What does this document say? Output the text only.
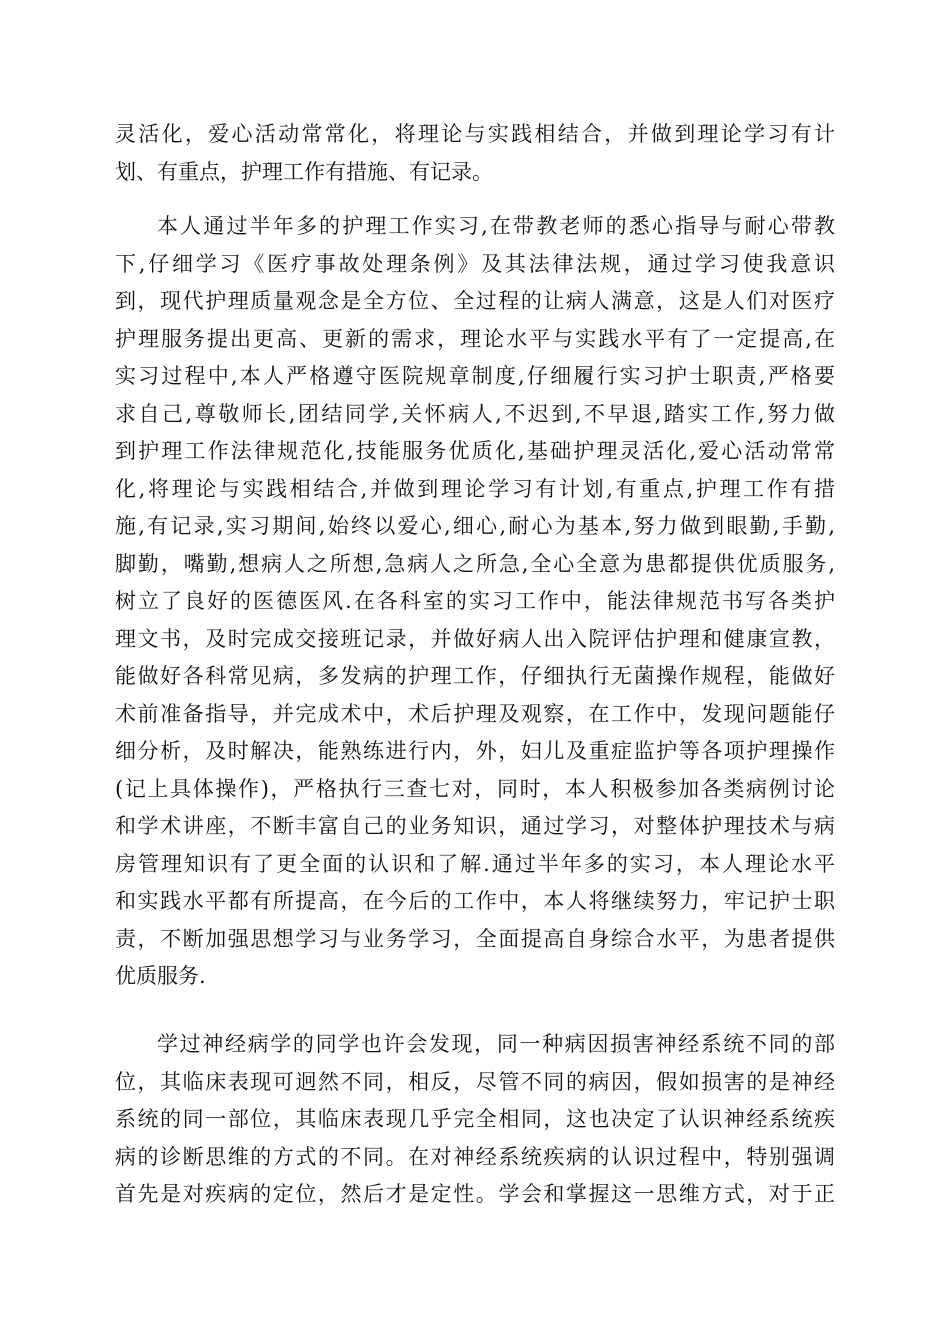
灵活化，爱心活动常常化，将理论与实践相结合，并做到理论学习有计
划、有重点，护理工作有措施、有记录。
本人通过半年多的护理工作实习,在带教老师的悉心指导与耐心带教
下,仔细学习《医疗事故处理条例》及其法律法规，通过学习使我意识
到，现代护理质量观念是全方位、全过程的让病人满意，这是人们对医疗
护理服务提出更高、更新的需求，理论水平与实践水平有了一定提高,在
实习过程中,本人严格遵守医院规章制度,仔细履行实习护士职责,严格要
求自己,尊敬师长,团结同学,关怀病人,不迟到,不早退,踏实工作,努力做
到护理工作法律规范化,技能服务优质化,基础护理灵活化,爱心活动常常
化,将理论与实践相结合,并做到理论学习有计划,有重点,护理工作有措
施,有记录,实习期间,始终以爱心,细心,耐心为基本,努力做到眼勤,手勤,
脚勤，嘴勤,想病人之所想,急病人之所急,全心全意为患都提供优质服务,
树立了良好的医德医风.在各科室的实习工作中，能法律规范书写各类护
理文书，及时完成交接班记录，并做好病人出入院评估护理和健康宣教，
能做好各科常见病，多发病的护理工作，仔细执行无菌操作规程，能做好
术前准备指导，并完成术中，术后护理及观察，在工作中，发现问题能仔
细分析，及时解决，能熟练进行内，外，妇儿及重症监护等各项护理操作
(记上具体操作)，严格执行三查七对，同时，本人积极参加各类病例讨论
和学术讲座，不断丰富自己的业务知识，通过学习，对整体护理技术与病
房管理知识有了更全面的认识和了解.通过半年多的实习，本人理论水平
和实践水平都有所提高，在今后的工作中，本人将继续努力，牢记护士职
责，不断加强思想学习与业务学习，全面提高自身综合水平，为患者提供
优质服务.
学过神经病学的同学也许会发现，同一种病因损害神经系统不同的部
位，其临床表现可迥然不同，相反，尽管不同的病因，假如损害的是神经
系统的同一部位，其临床表现几乎完全相同，这也决定了认识神经系统疾
病的诊断思维的方式的不同。在对神经系统疾病的认识过程中，特别强调
首先是对疾病的定位，然后才是定性。学会和掌握这一思维方式，对于正
